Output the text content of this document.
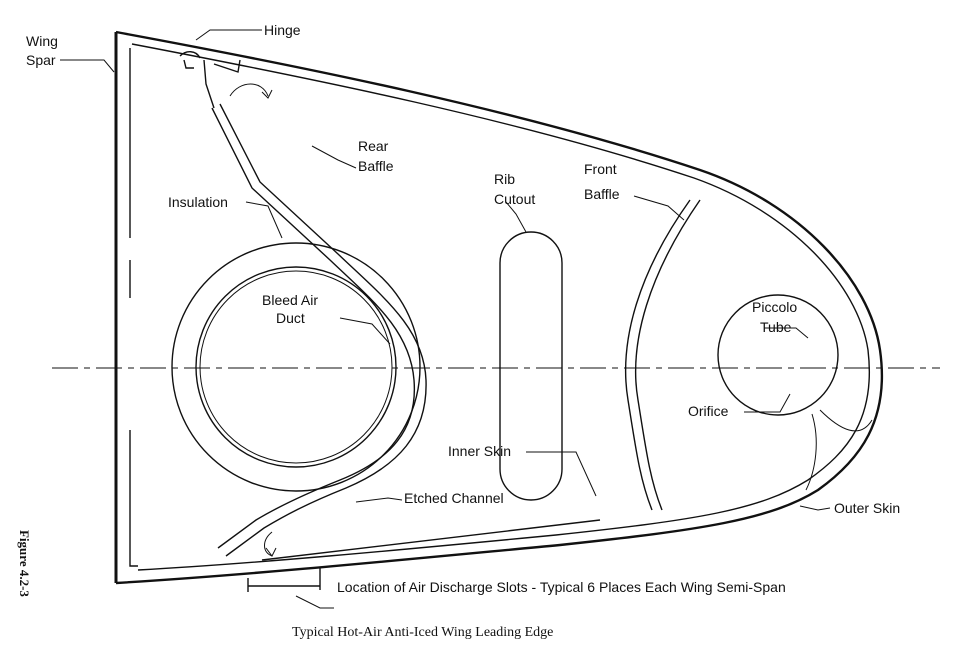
Hinge
Wing
Spar
Rear
Baffle
Insulation
Rib
Cutout
Front
Baffle
Bleed Air
Duct
Piccolo
Tube
Orifice
Inner Skin
Etched Channel
Outer Skin
Location of Air Discharge Slots - Typical 6 Places Each Wing Semi-Span
Typical Hot-Air Anti-Iced Wing Leading Edge
Figure 4.2-3
